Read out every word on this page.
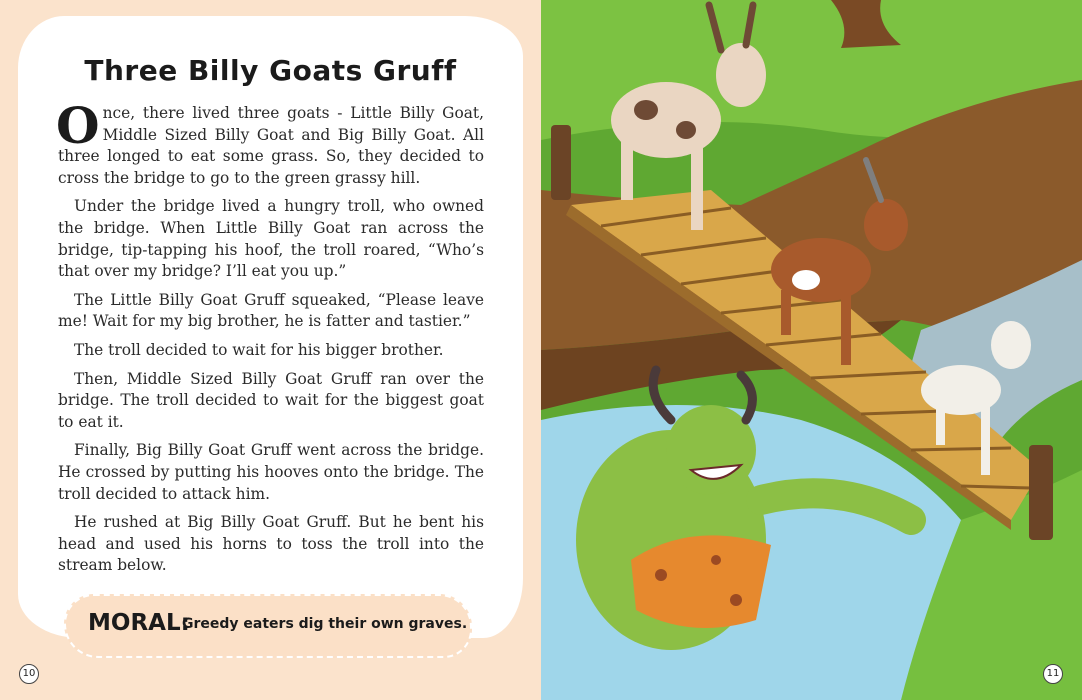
Three Billy Goats Gruff

Once, there lived three goats - Little Billy Goat, Middle Sized Billy Goat and Big Billy Goat. All three longed to eat some grass. So, they decided to cross the bridge to go to the green grassy hill.

Under the bridge lived a hungry troll, who owned the bridge. When Little Billy Goat ran across the bridge, tip-tapping his hoof, the troll roared, “Who’s that over my bridge? I’ll eat you up.”

The Little Billy Goat Gruff squeaked, “Please leave me! Wait for my big brother, he is fatter and tastier.”

The troll decided to wait for his bigger brother.

Then, Middle Sized Billy Goat Gruff ran over the bridge. The troll decided to wait for the biggest goat to eat it.

Finally, Big Billy Goat Gruff went across the bridge. He crossed by putting his hooves onto the bridge. The troll decided to attack him.

He rushed at Big Billy Goat Gruff. But he bent his head and used his horns to toss the troll into the stream below.

MORAL:
Greedy eaters dig their own graves.
10	11
